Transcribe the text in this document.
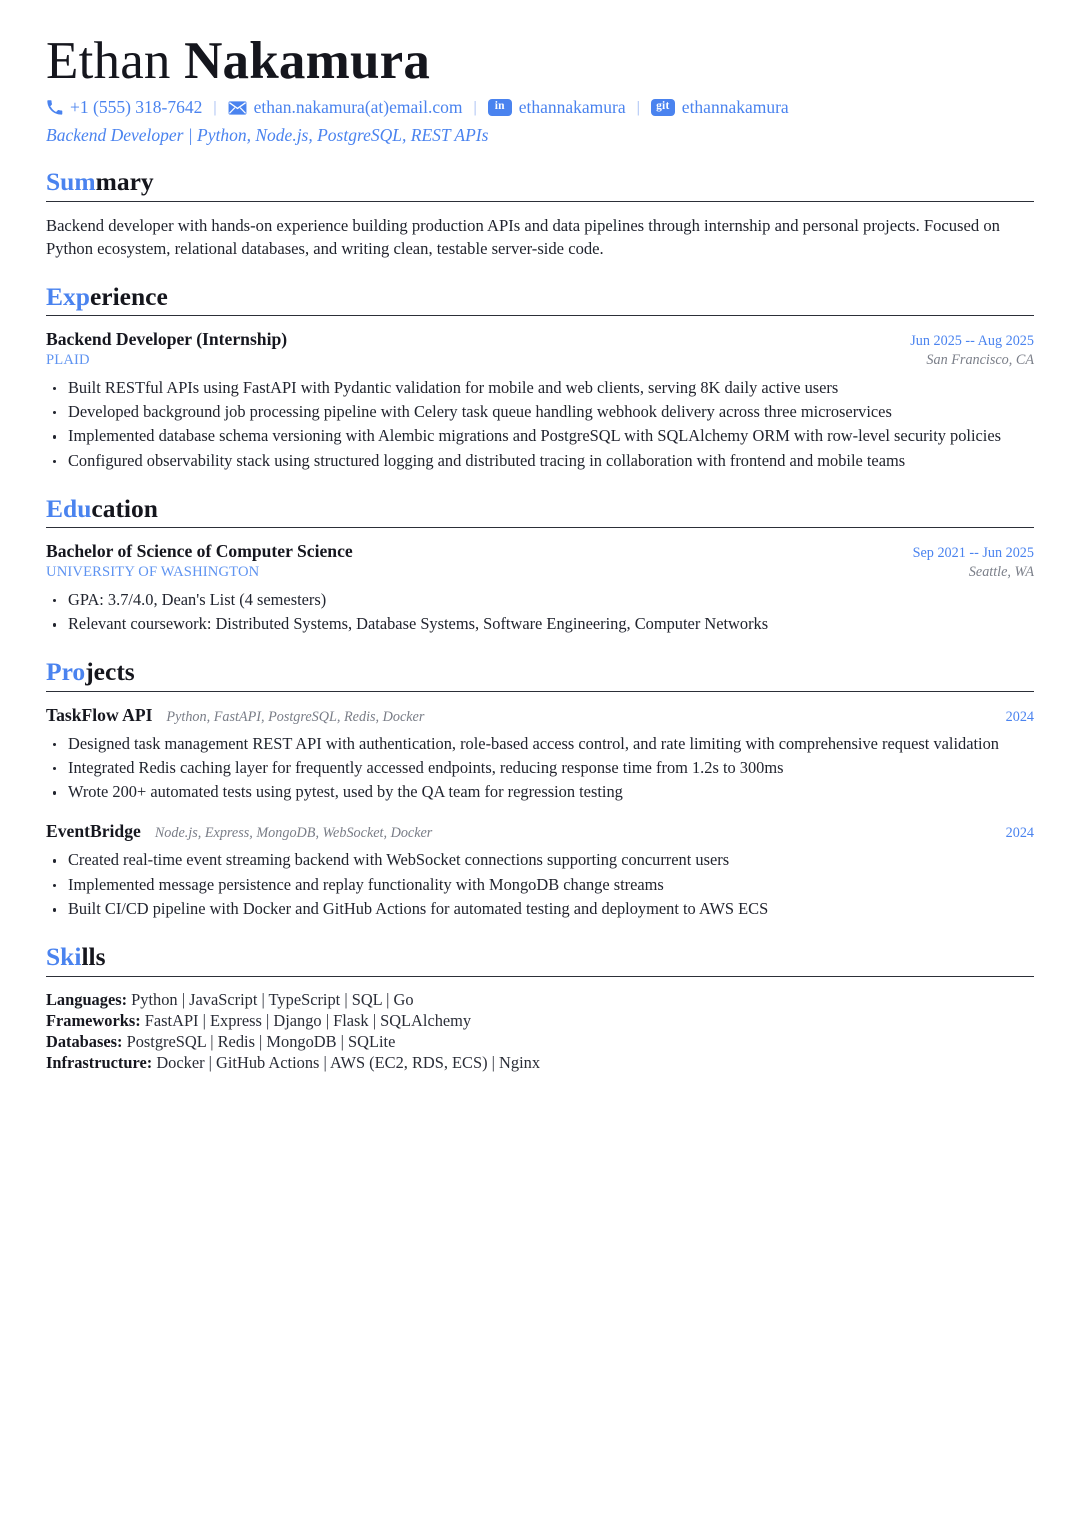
Ethan Nakamura
+1 (555) 318-7642 | ethan.nakamura(at)email.com |	in ethannakamura |	git ethannakamura
Backend Developer | Python, Node.js, PostgreSQL, REST APIs
Summary

Backend developer with hands-on experience building production APIs and data pipelines through internship and personal projects. Focused on Python ecosystem, relational databases, and writing clean, testable server-side code.

Experience
Backend Developer (Internship)	Jun 2025 -- Aug 2025
PLAID	San Francisco, CA
Built RESTful APIs using FastAPI with Pydantic validation for mobile and web clients, serving 8K daily active users
Developed background job processing pipeline with Celery task queue handling webhook delivery across three microservices
Implemented database schema versioning with Alembic migrations and PostgreSQL with SQLAlchemy ORM with row-level security policies
Configured observability stack using structured logging and distributed tracing in collaboration with frontend and mobile teams
Education
Bachelor of Science of Computer Science	Sep 2021 -- Jun 2025
UNIVERSITY OF WASHINGTON	Seattle, WA
GPA: 3.7/4.0, Dean's List (4 semesters)
Relevant coursework: Distributed Systems, Database Systems, Software Engineering, Computer Networks
Projects
TaskFlow API Python, FastAPI, PostgreSQL, Redis, Docker	2024
Designed task management REST API with authentication, role-based access control, and rate limiting with comprehensive request validation
Integrated Redis caching layer for frequently accessed endpoints, reducing response time from 1.2s to 300ms
Wrote 200+ automated tests using pytest, used by the QA team for regression testing
EventBridge Node.js, Express, MongoDB, WebSocket, Docker	2024
Created real-time event streaming backend with WebSocket connections supporting concurrent users
Implemented message persistence and replay functionality with MongoDB change streams
Built CI/CD pipeline with Docker and GitHub Actions for automated testing and deployment to AWS ECS
Skills
Languages: Python | JavaScript | TypeScript | SQL | Go
Frameworks: FastAPI | Express | Django | Flask | SQLAlchemy
Databases: PostgreSQL | Redis | MongoDB | SQLite
Infrastructure: Docker | GitHub Actions | AWS (EC2, RDS, ECS) | Nginx
